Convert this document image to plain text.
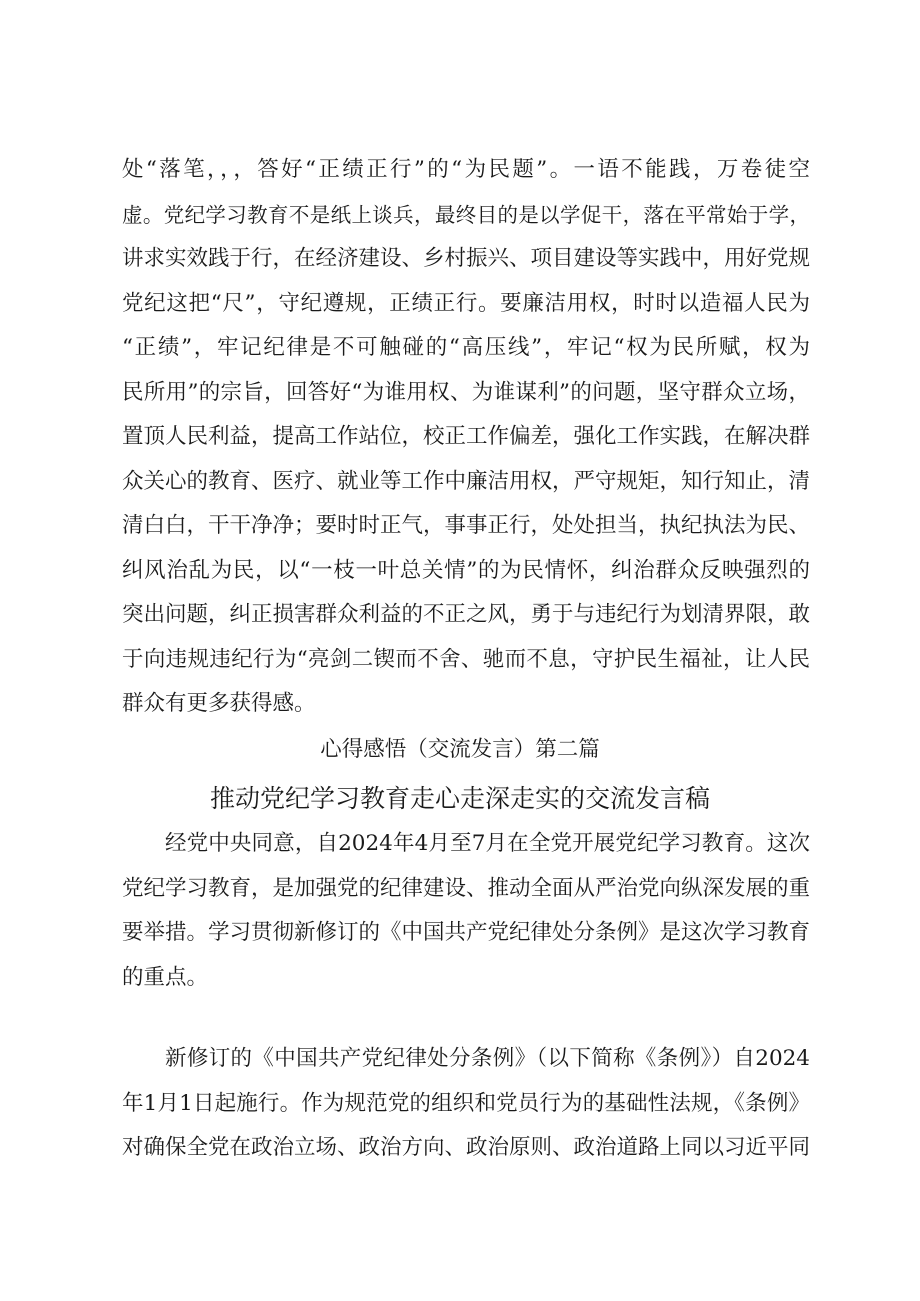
处“落笔，，，答好“正绩正行”的“为民题”。一语不能践，万卷徒空
虚。党纪学习教育不是纸上谈兵，最终目的是以学促干，落在平常始于学，
讲求实效践于行，在经济建设、乡村振兴、项目建设等实践中，用好党规
党纪这把“尺”，守纪遵规，正绩正行。要廉洁用权，时时以造福人民为
“正绩”，牢记纪律是不可触碰的“高压线”，牢记“权为民所赋，权为
民所用”的宗旨，回答好“为谁用权、为谁谋利”的问题，坚守群众立场，
置顶人民利益，提高工作站位，校正工作偏差，强化工作实践，在解决群
众关心的教育、医疗、就业等工作中廉洁用权，严守规矩，知行知止，清
清白白，干干净净；要时时正气，事事正行，处处担当，执纪执法为民、
纠风治乱为民，以“一枝一叶总关情”的为民情怀，纠治群众反映强烈的
突出问题，纠正损害群众利益的不正之风，勇于与违纪行为划清界限，敢
于向违规违纪行为“亮剑二锲而不舍、驰而不息，守护民生福祉，让人民
群众有更多获得感。
心得感悟（交流发言）第二篇
推动党纪学习教育走心走深走实的交流发言稿
经党中央同意，自2024年4月至7月在全党开展党纪学习教育。这次
党纪学习教育，是加强党的纪律建设、推动全面从严治党向纵深发展的重
要举措。学习贯彻新修订的《中国共产党纪律处分条例》是这次学习教育
的重点。
新修订的《中国共产党纪律处分条例》（以下简称《条例》）自2024
年1月1日起施行。作为规范党的组织和党员行为的基础性法规，《条例》
对确保全党在政治立场、政治方向、政治原则、政治道路上同以习近平同
